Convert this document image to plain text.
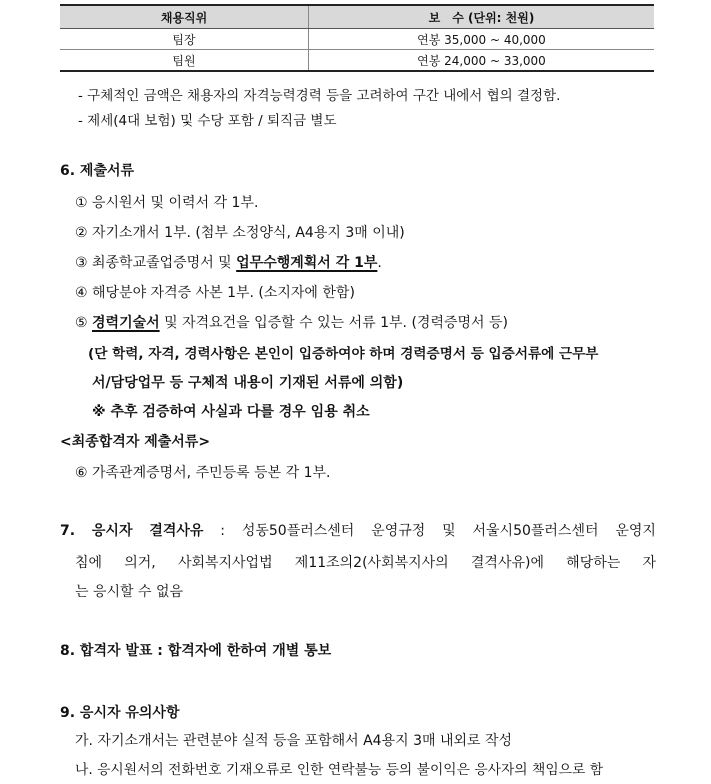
채용직위	보　수 (단위: 천원)
팀장	연봉 35,000 ~ 40,000
팀원	연봉 24,000 ~ 33,000

- 구체적인 금액은 채용자의 자격능력경력 등을 고려하여 구간 내에서 협의 결정함.

- 제세(4대 보험) 및 수당 포함 / 퇴직금 별도

6. 제출서류

① 응시원서 및 이력서 각 1부.

② 자기소개서 1부. (첨부 소정양식, A4용지 3매 이내)

③ 최종학교졸업증명서 및 업무수행계획서 각 1부.

④ 해당분야 자격증 사본 1부. (소지자에 한함)

⑤ 경력기술서 및 자격요건을 입증할 수 있는 서류 1부. (경력증명서 등)

(단 학력, 자격, 경력사항은 본인이 입증하여야 하며 경력증명서 등 입증서류에 근무부

서/담당업무 등 구체적 내용이 기재된 서류에 의함)

※ 추후 검증하여 사실과 다를 경우 임용 취소

<최종합격자 제출서류>

⑥ 가족관계증명서, 주민등록 등본 각 1부.

7. 응시자 결격사유 : 성동50플러스센터 운영규정 및 서울시50플러스센터 운영지

침에 의거, 사회복지사업법 제11조의2(사회복지사의 결격사유)에 해당하는 자

는 응시할 수 없음

8. 합격자 발표 : 합격자에 한하여 개별 통보

9. 응시자 유의사항

가. 자기소개서는 관련분야 실적 등을 포함해서 A4용지 3매 내외로 작성

나. 응시원서의 전화번호 기재오류로 인한 연락불능 등의 불이익은 응사자의 책임으로 함
